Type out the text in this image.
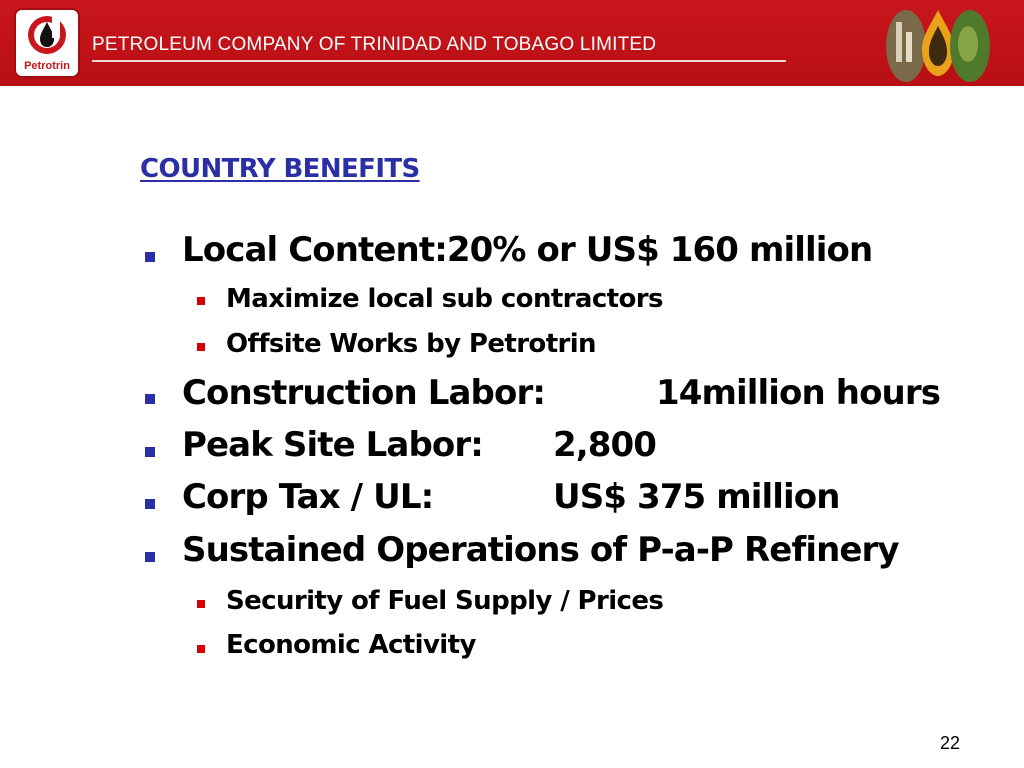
Petrotrin
PETROLEUM COMPANY OF TRINIDAD AND TOBAGO LIMITED
COUNTRY BENEFITS
Local Content:20% or US$ 160 million
Maximize local sub contractors
Offsite Works by Petrotrin
Construction Labor:	14million hours
Peak Site Labor: 2,800
Corp Tax / UL:	US$ 375 million
Sustained Operations of P-a-P Refinery
Security of Fuel Supply / Prices
Economic Activity
22
